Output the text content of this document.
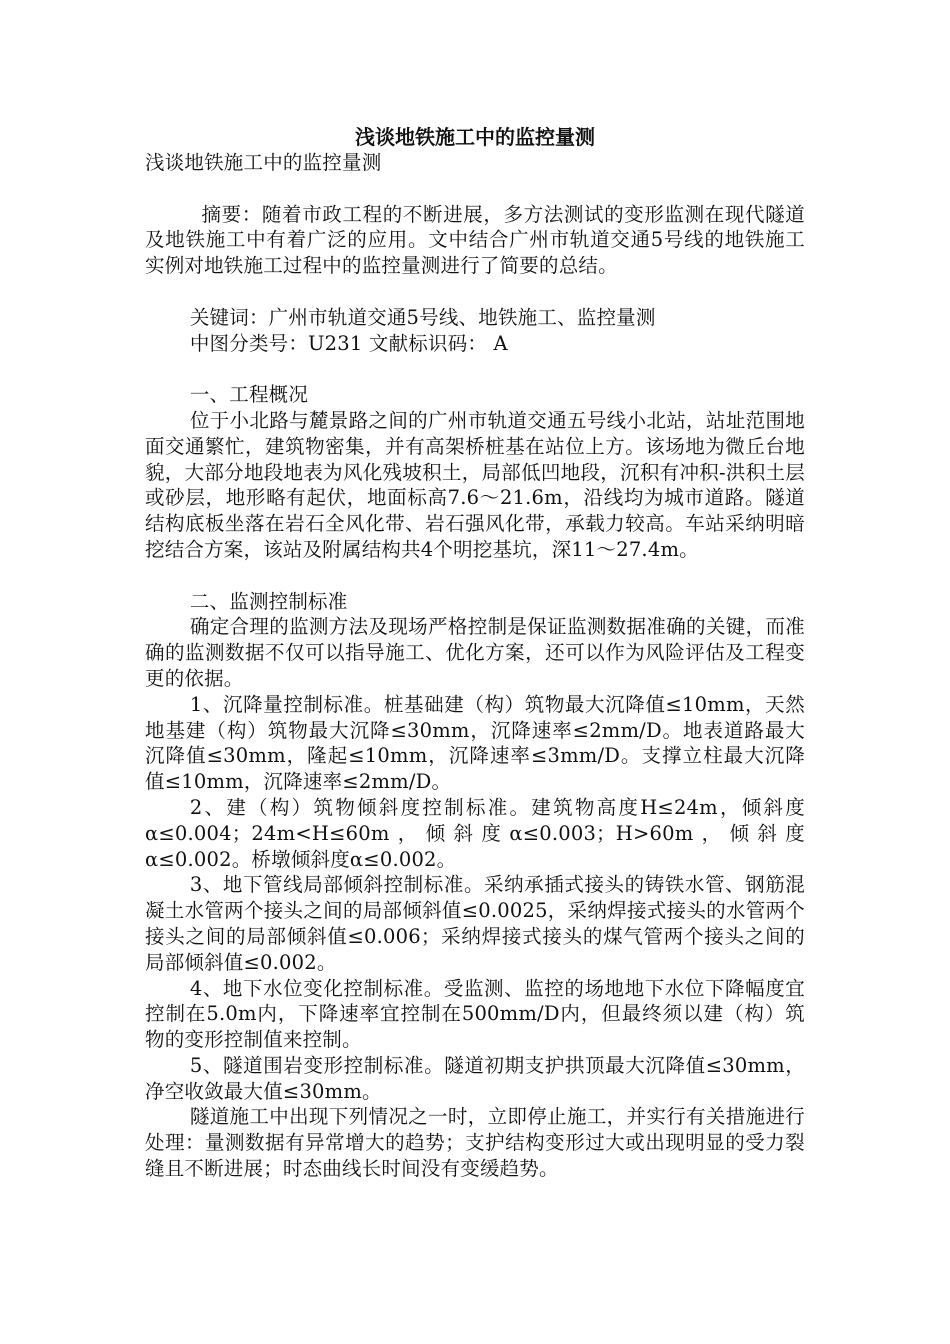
浅谈地铁施工中的监控量测

浅谈地铁施工中的监控量测

摘要：随着市政工程的不断进展，多方法测试的变形监测在现代隧道及地铁施工中有着广泛的应用。文中结合广州市轨道交通5号线的地铁施工实例对地铁施工过程中的监控量测进行了简要的总结。

关键词：广州市轨道交通5号线、地铁施工、监控量测

中图分类号：U231 文献标识码： A

一、工程概况

位于小北路与麓景路之间的广州市轨道交通五号线小北站，站址范围地面交通繁忙，建筑物密集，并有高架桥桩基在站位上方。该场地为微丘台地貌，大部分地段地表为风化残坡积土，局部低凹地段，沉积有冲积-洪积土层或砂层，地形略有起伏，地面标高7.6～21.6m，沿线均为城市道路。隧道结构底板坐落在岩石全风化带、岩石强风化带，承载力较高。车站采纳明暗挖结合方案，该站及附属结构共4个明挖基坑，深11～27.4m。

二、监测控制标准

确定合理的监测方法及现场严格控制是保证监测数据准确的关键，而准确的监测数据不仅可以指导施工、优化方案，还可以作为风险评估及工程变更的依据。

1、沉降量控制标准。桩基础建（构）筑物最大沉降值≤10mm，天然地基建（构）筑物最大沉降≤30mm，沉降速率≤2mm/D。地表道路最大沉降值≤30mm，隆起≤10mm，沉降速率≤3mm/D。支撑立柱最大沉降值≤10mm，沉降速率≤2mm/D。

2、建（构）筑物倾斜度控制标准。建筑物高度H≤24m，倾斜度α≤0.004；24m<H≤60m，倾斜度α≤0.003；H>60m，倾斜度α≤0.002。桥墩倾斜度α≤0.002。

3、地下管线局部倾斜控制标准。采纳承插式接头的铸铁水管、钢筋混凝土水管两个接头之间的局部倾斜值≤0.0025，采纳焊接式接头的水管两个接头之间的局部倾斜值≤0.006；采纳焊接式接头的煤气管两个接头之间的局部倾斜值≤0.002。

4、地下水位变化控制标准。受监测、监控的场地地下水位下降幅度宜控制在5.0m内，下降速率宜控制在500mm/D内，但最终须以建（构）筑物的变形控制值来控制。

5、隧道围岩变形控制标准。隧道初期支护拱顶最大沉降值≤30mm，净空收敛最大值≤30mm。

隧道施工中出现下列情况之一时，立即停止施工，并实行有关措施进行处理：量测数据有异常增大的趋势；支护结构变形过大或出现明显的受力裂缝且不断进展；时态曲线长时间没有变缓趋势。
